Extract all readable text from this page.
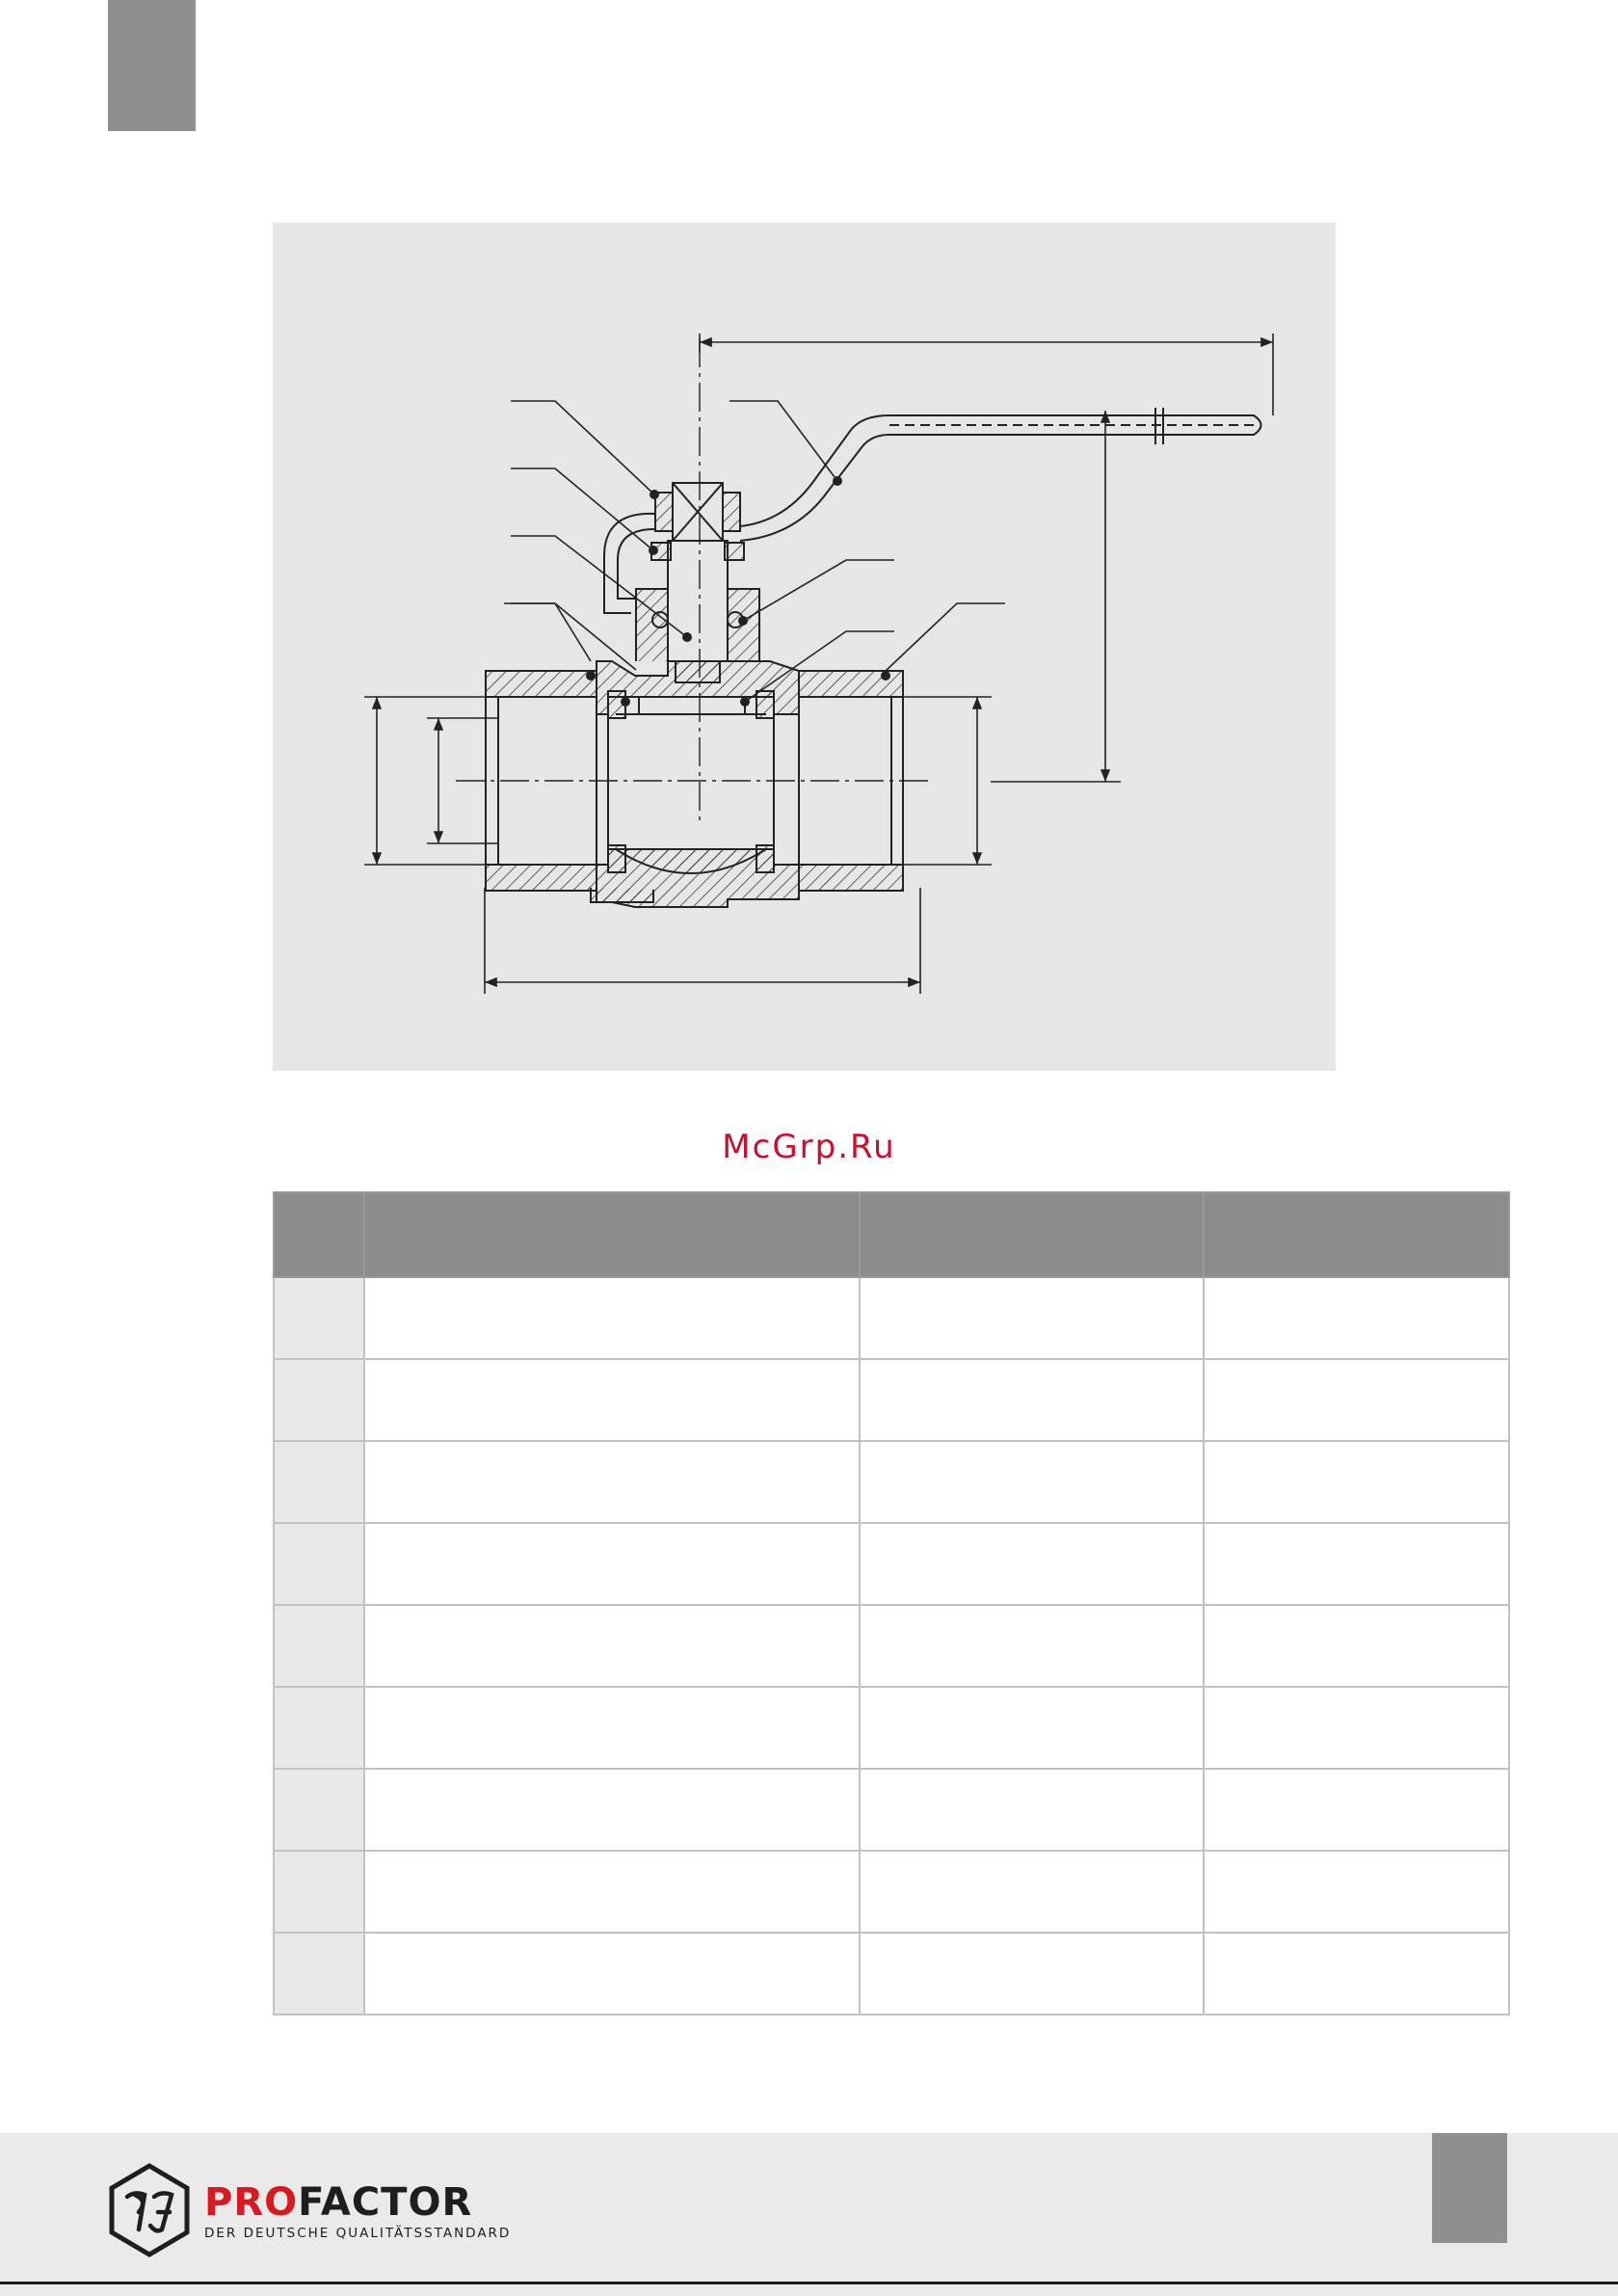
McGrp.Ru

PROFACTOR
DER DEUTSCHE QUALITÄTSSTANDARD
